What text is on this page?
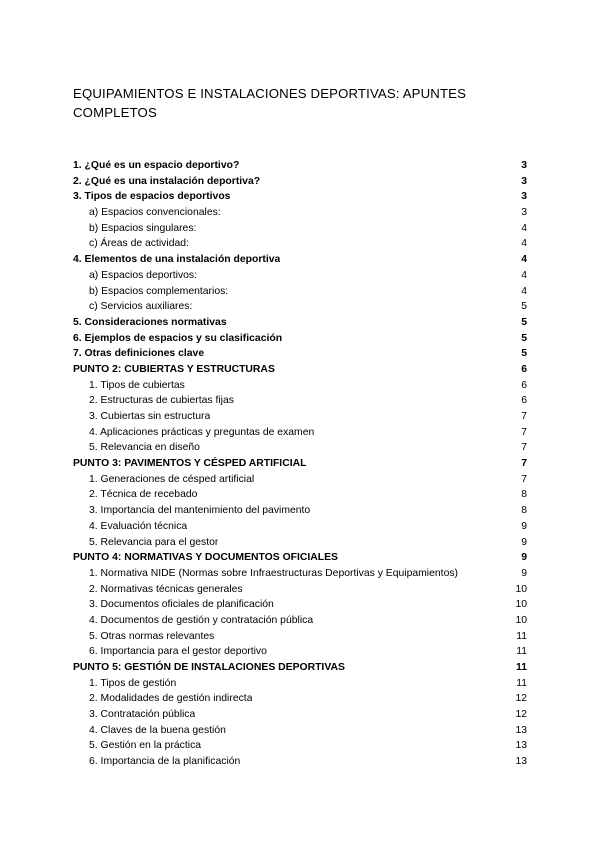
EQUIPAMIENTOS E INSTALACIONES DEPORTIVAS: APUNTES COMPLETOS
1. ¿Qué es un espacio deportivo?	3
2. ¿Qué es una instalación deportiva?	3
3. Tipos de espacios deportivos	3
a) Espacios convencionales:	3
b) Espacios singulares:	4
c) Áreas de actividad:	4
4. Elementos de una instalación deportiva	4
a) Espacios deportivos:	4
b) Espacios complementarios:	4
c) Servicios auxiliares:	5
5. Consideraciones normativas	5
6. Ejemplos de espacios y su clasificación	5
7. Otras definiciones clave	5
PUNTO 2: CUBIERTAS Y ESTRUCTURAS	6
1. Tipos de cubiertas	6
2. Estructuras de cubiertas fijas	6
3. Cubiertas sin estructura	7
4. Aplicaciones prácticas y preguntas de examen	7
5. Relevancia en diseño	7
PUNTO 3: PAVIMENTOS Y CÉSPED ARTIFICIAL	7
1. Generaciones de césped artificial	7
2. Técnica de recebado	8
3. Importancia del mantenimiento del pavimento	8
4. Evaluación técnica	9
5. Relevancia para el gestor	9
PUNTO 4: NORMATIVAS Y DOCUMENTOS OFICIALES	9
1. Normativa NIDE (Normas sobre Infraestructuras Deportivas y Equipamientos)	9
2. Normativas técnicas generales	10
3. Documentos oficiales de planificación	10
4. Documentos de gestión y contratación pública	10
5. Otras normas relevantes	11
6. Importancia para el gestor deportivo	11
PUNTO 5: GESTIÓN DE INSTALACIONES DEPORTIVAS	11
1. Tipos de gestión	11
2. Modalidades de gestión indirecta	12
3. Contratación pública	12
4. Claves de la buena gestión	13
5. Gestión en la práctica	13
6. Importancia de la planificación	13
